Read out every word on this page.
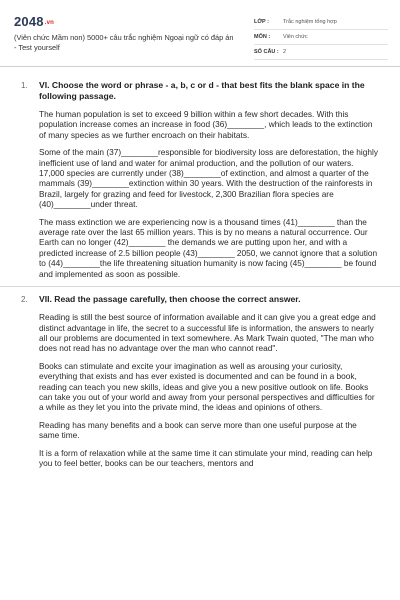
2048.vn
(Viên chức Mầm non) 5000+ câu trắc nghiệm Ngoại ngữ có đáp án - Test yourself
LỚP :	Trắc nghiệm tổng hợp
MÔN :	Viên chức
SỐ CÂU : 2
1. VI. Choose the word or phrase - a, b, c or d - that best fits the blank space in the following passage.

The human population is set to exceed 9 billion within a few short decades. With this population increase comes an increase in food (36)________, which leads to the extinction of many species as we further encroach on their habitats.

Some of the main (37)________responsible for biodiversity loss are deforestation, the highly inefficient use of land and water for animal production, and the pollution of our waters. 17,000 species are currently under (38)________of extinction, and almost a quarter of the mammals (39)________extinction within 30 years. With the destruction of the rainforests in Brazil, largely for grazing and feed for livestock, 2,300 Brazilian flora species are (40)________under threat.

The mass extinction we are experiencing now is a thousand times (41)________ than the average rate over the last 65 million years. This is by no means a natural occurrence. Our Earth can no longer (42)________ the demands we are putting upon her, and with a predicted increase of 2.5 billion people (43)________ 2050, we cannot ignore that a solution to (44)________the life threatening situation humanity is now facing (45)________ be found and implemented as soon as possible.

2. VII. Read the passage carefully, then choose the correct answer.

Reading is still the best source of information available and it can give you a great edge and distinct advantage in life, the secret to a successful life is information, the answers to nearly all our problems are documented in text somewhere. As Mark Twain quoted, "The man who does not read has no advantage over the man who cannot read".

Books can stimulate and excite your imagination as well as arousing your curiosity, everything that exists and has ever existed is documented and can be found in a book, reading can teach you new skills, ideas and give you a new positive outlook on life. Books can take you out of your world and away from your personal perspectives and difficulties for a while as they let you into the private mind, the ideas and opinions of others.

Reading has many benefits and a book can serve more than one useful purpose at the same time.

It is a form of relaxation while at the same time it can stimulate your mind, reading can help you to feel better, books can be our teachers, mentors and
